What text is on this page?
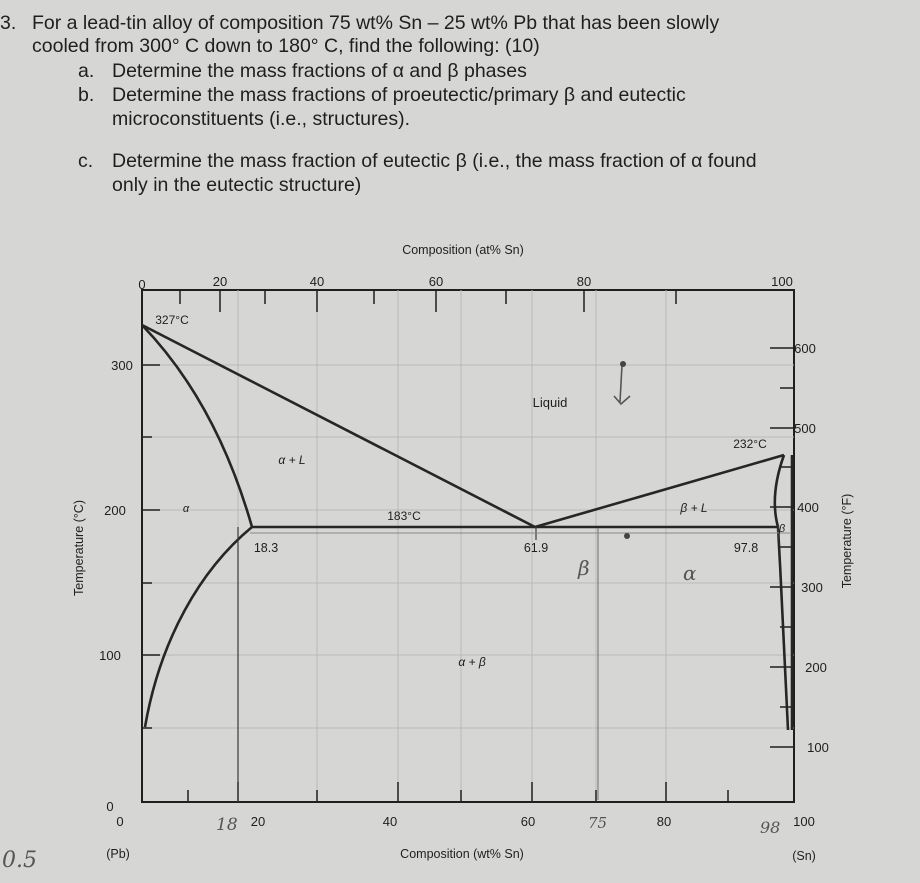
3. For a lead-tin alloy of composition 75 wt% Sn – 25 wt% Pb that has been slowly
cooled from 300° C down to 180° C, find the following: (10)
a. Determine the mass fractions of α and β phases
b. Determine the mass fractions of proeutectic/primary β and eutectic
microconstituents (i.e., structures).
c. Determine the mass fraction of eutectic β (i.e., the mass fraction of α found
only in the eutectic structure)
Composition (at% Sn)
0	20	40	60	80	100
0	20	40	60	80	100
(Pb)	(Sn)
Composition (wt% Sn)
300
200
100
0
Temperature (°C)
600
500
400
300
200
100
Temperature (°F)
327°C
232°C
183°C
18.3	61.9	97.8
Liquid
α + L
β + L
α
β
α + β
0.5
18	75	98
β	α
